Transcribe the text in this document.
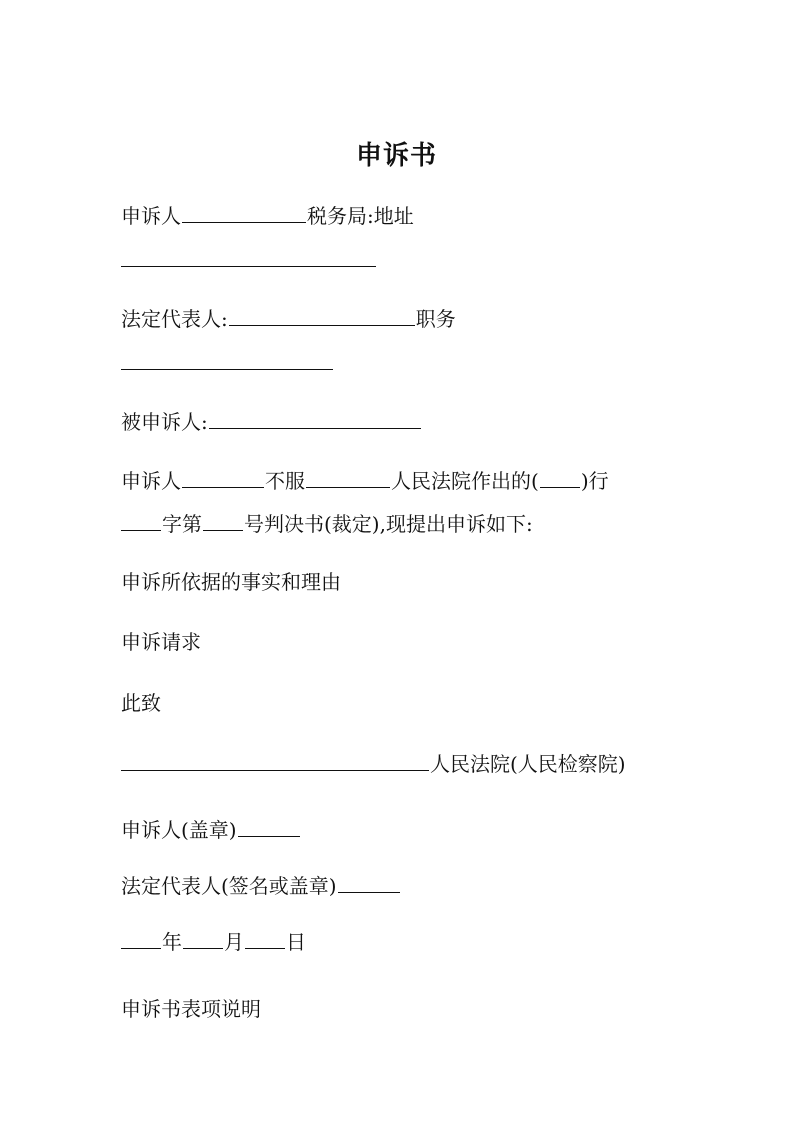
申诉书
申诉人	税务局:地址
法定代表人:	职务
被申诉人:
申诉人	不服	人民法院作出的( )行
字第 号判决书(裁定),现提出申诉如下:
申诉所依据的事实和理由
申诉请求
此致
人民法院(人民检察院)
申诉人(盖章)
法定代表人(签名或盖章)
年 月 日
申诉书表项说明
